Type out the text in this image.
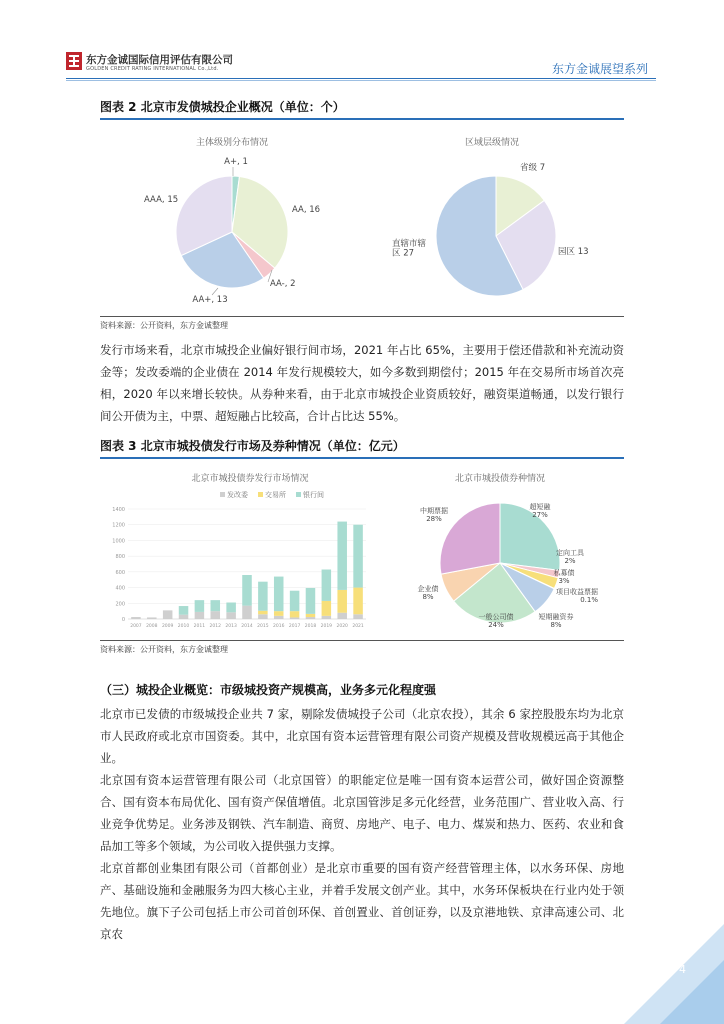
东方金诚国际信用评估有限公司
GOLDEN CREDIT RATING INTERNATIONAL Co.,Ltd.	东方金诚展望系列
图表 2 北京市发债城投企业概况（单位：个）
主体级别分布情况
A+, 1
AA, 16
AA-, 2
AA+, 13
AAA, 15
区域层级情况
省级 7
园区 13
直辖市辖区 27
资料来源：公开资料，东方金诚整理

发行市场来看，北京市城投企业偏好银行间市场，2021 年占比 65%，主要用于偿还借款和补充流动资金等；发改委端的企业债在 2014 年发行规模较大，如今多数到期偿付；2015 年在交易所市场首次亮相，2020 年以来增长较快。从券种来看，由于北京市城投企业资质较好，融资渠道畅通，以发行银行间公开债为主，中票、超短融占比较高，合计占比达 55%。

图表 3 北京市城投债发行市场及券种情况（单位：亿元）
北京市城投债券发行市场情况
发改委 交易所 银行间
0
200
400
600
800
1000
1200
1400
2007 2008 2009 2010 2011 2012 2013 2014 2015 2016 2017 2018 2019 2020 2021
北京市城投债券种情况
超短融 27%
定向工具 2%
私募债 3%
项目收益票据 0.1%
短期融资券 8%
一般公司债 24%
企业债 8%
中期票据 28%
资料来源：公开资料，东方金诚整理
（三）城投企业概览：市级城投资产规模高，业务多元化程度强

北京市已发债的市级城投企业共 7 家，剔除发债城投子公司（北京农投），其余 6 家控股股东均为北京市人民政府或北京市国资委。其中，北京国有资本运营管理有限公司资产规模及营收规模远高于其他企业。

北京国有资本运营管理有限公司（北京国管）的职能定位是唯一国有资本运营公司，做好国企资源整合、国有资本布局优化、国有资产保值增值。北京国管涉足多元化经营，业务范围广、营业收入高、行业竞争优势足。业务涉及钢铁、汽车制造、商贸、房地产、电子、电力、煤炭和热力、医药、农业和食品加工等多个领域，为公司收入提供强力支撑。

北京首都创业集团有限公司（首都创业）是北京市重要的国有资产经营管理主体，以水务环保、房地产、基础设施和金融服务为四大核心主业，并着手发展文创产业。其中，水务环保板块在行业内处于领先地位。旗下子公司包括上市公司首创环保、首创置业、首创证券，以及京港地铁、京津高速公司、北京农

4
